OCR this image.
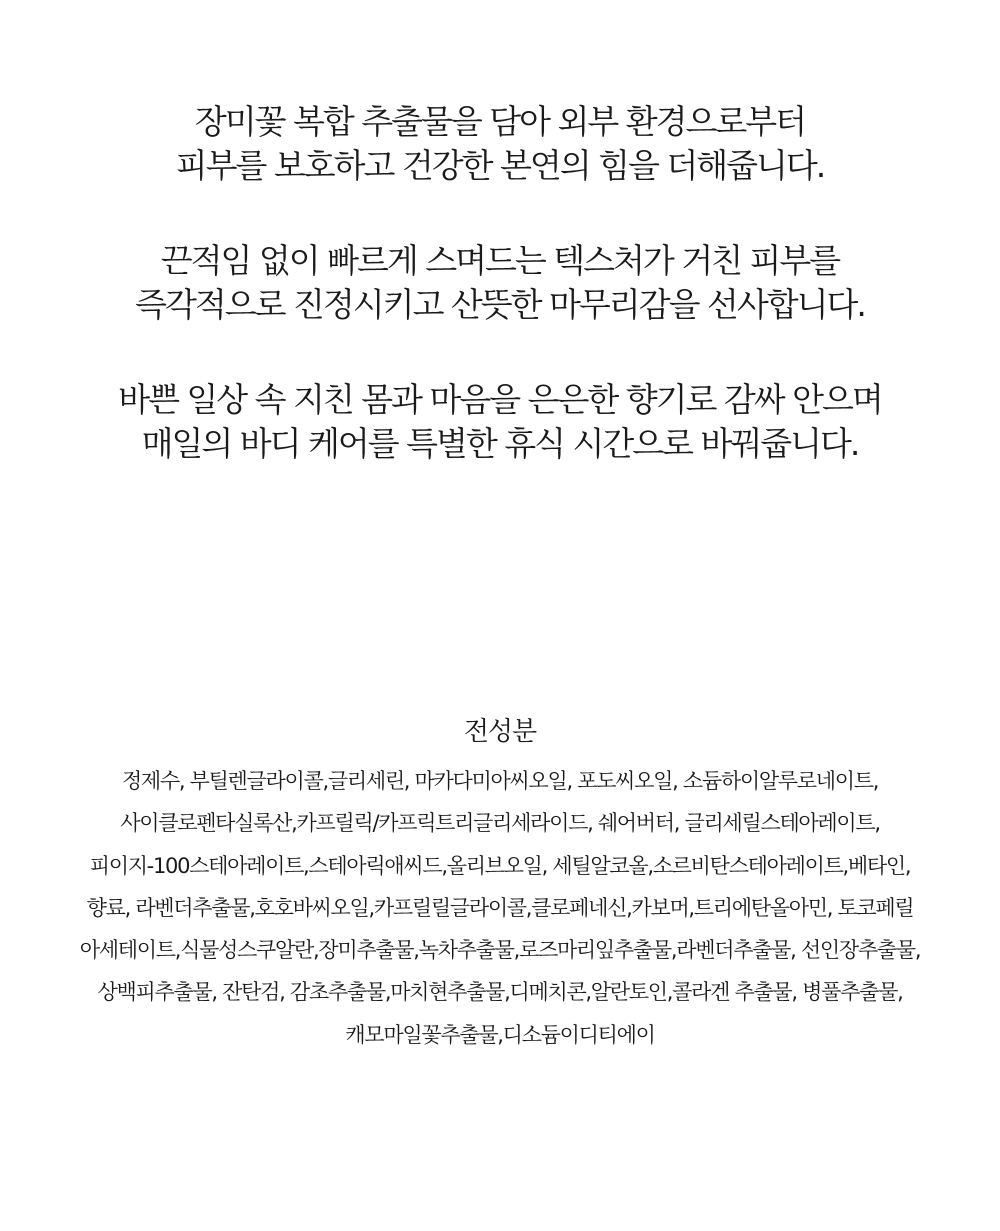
장미꽃 복합 추출물을 담아 외부 환경으로부터
피부를 보호하고 건강한 본연의 힘을 더해줍니다.

끈적임 없이 빠르게 스며드는 텍스처가 거친 피부를
즉각적으로 진정시키고 산뜻한 마무리감을 선사합니다.

바쁜 일상 속 지친 몸과 마음을 은은한 향기로 감싸 안으며
매일의 바디 케어를 특별한 휴식 시간으로 바꿔줍니다.

전성분
정제수, 부틸렌글라이콜,글리세린, 마카다미아씨오일, 포도씨오일, 소듐하이알루로네이트,
사이클로펜타실록산,카프릴릭/카프릭트리글리세라이드, 쉐어버터, 글리세릴스테아레이트,
피이지-100스테아레이트,스테아릭애씨드,올리브오일, 세틸알코올,소르비탄스테아레이트,베타인,
향료, 라벤더추출물,호호바씨오일,카프릴릴글라이콜,클로페네신,카보머,트리에탄올아민, 토코페릴
아세테이트,식물성스쿠알란,장미추출물,녹차추출물,로즈마리잎추출물,라벤더추출물, 선인장추출물,
상백피추출물, 잔탄검, 감초추출물,마치현추출물,디메치콘,알란토인,콜라겐 추출물, 병풀추출물,
캐모마일꽃추출물,디소듐이디티에이
